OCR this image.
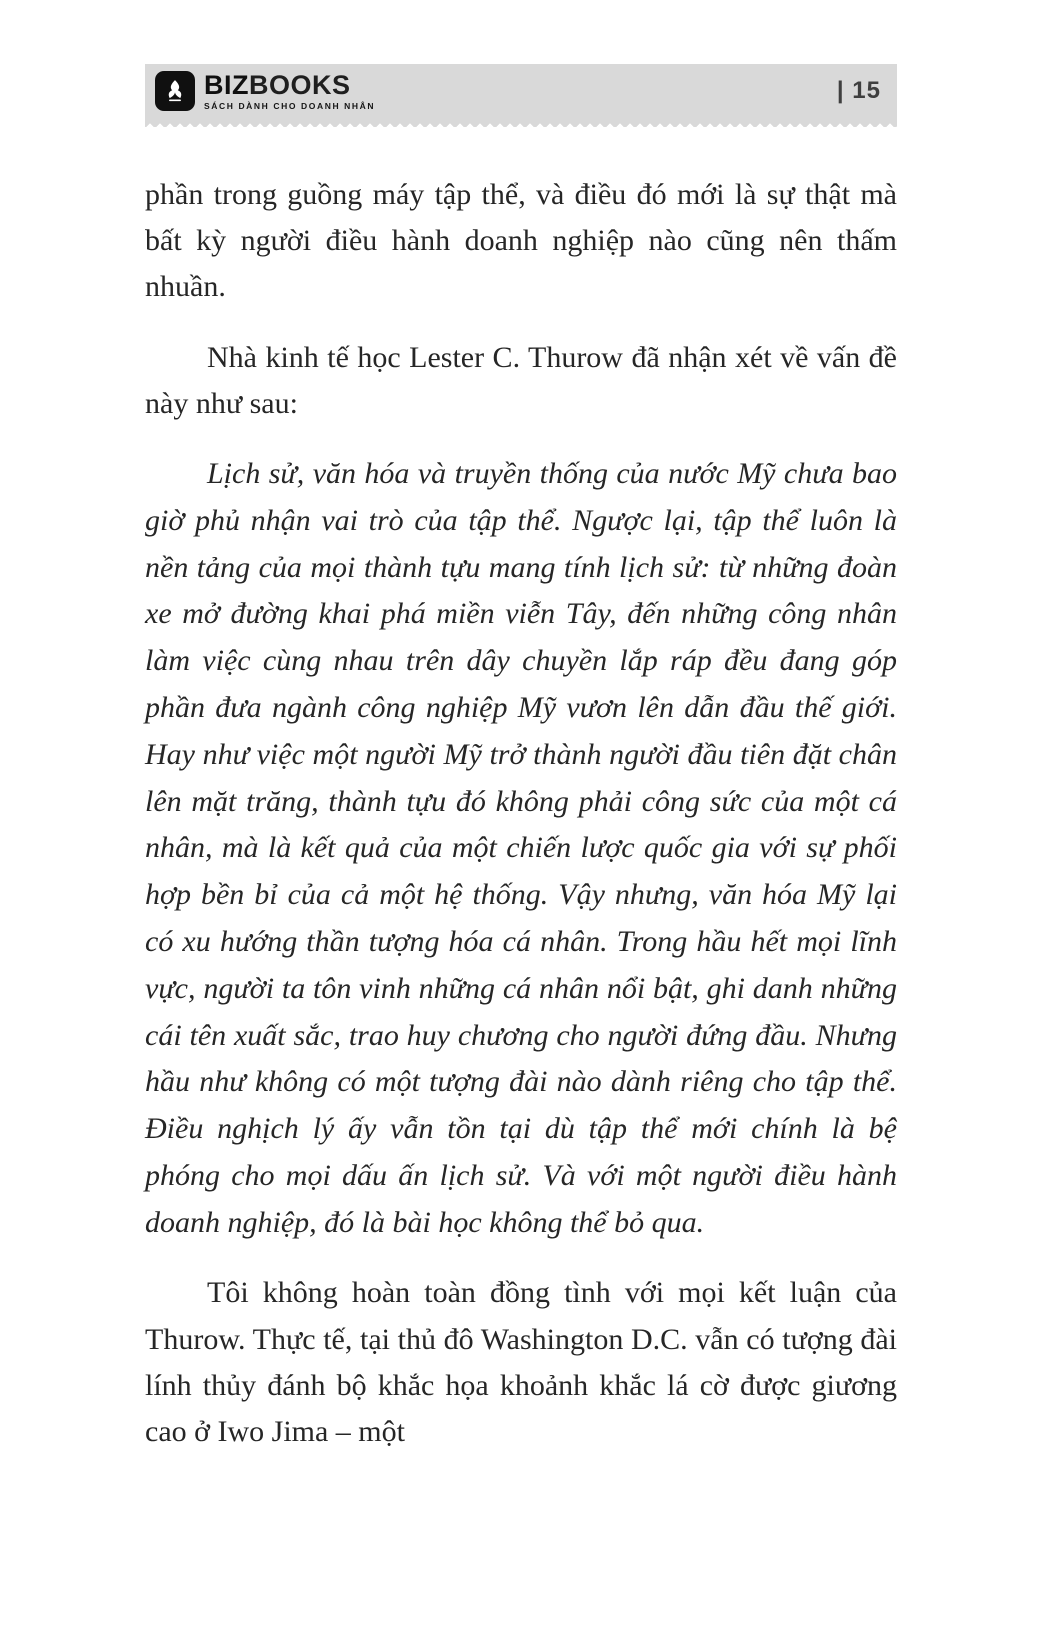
BIZBOOKS
SÁCH DÀNH CHO DOANH NHÂN
| 15

phần trong guồng máy tập thể, và điều đó mới là sự thật mà bất kỳ người điều hành doanh nghiệp nào cũng nên thấm nhuần.

Nhà kinh tế học Lester C. Thurow đã nhận xét về vấn đề này như sau:

Lịch sử, văn hóa và truyền thống của nước Mỹ chưa bao giờ phủ nhận vai trò của tập thể. Ngược lại, tập thể luôn là nền tảng của mọi thành tựu mang tính lịch sử: từ những đoàn xe mở đường khai phá miền viễn Tây, đến những công nhân làm việc cùng nhau trên dây chuyền lắp ráp đều đang góp phần đưa ngành công nghiệp Mỹ vươn lên dẫn đầu thế giới. Hay như việc một người Mỹ trở thành người đầu tiên đặt chân lên mặt trăng, thành tựu đó không phải công sức của một cá nhân, mà là kết quả của một chiến lược quốc gia với sự phối hợp bền bỉ của cả một hệ thống. Vậy nhưng, văn hóa Mỹ lại có xu hướng thần tượng hóa cá nhân. Trong hầu hết mọi lĩnh vực, người ta tôn vinh những cá nhân nổi bật, ghi danh những cái tên xuất sắc, trao huy chương cho người đứng đầu. Nhưng hầu như không có một tượng đài nào dành riêng cho tập thể. Điều nghịch lý ấy vẫn tồn tại dù tập thể mới chính là bệ phóng cho mọi dấu ấn lịch sử. Và với một người điều hành doanh nghiệp, đó là bài học không thể bỏ qua.

Tôi không hoàn toàn đồng tình với mọi kết luận của Thurow. Thực tế, tại thủ đô Washington D.C. vẫn có tượng đài lính thủy đánh bộ khắc họa khoảnh khắc lá cờ được giương cao ở Iwo Jima – một
